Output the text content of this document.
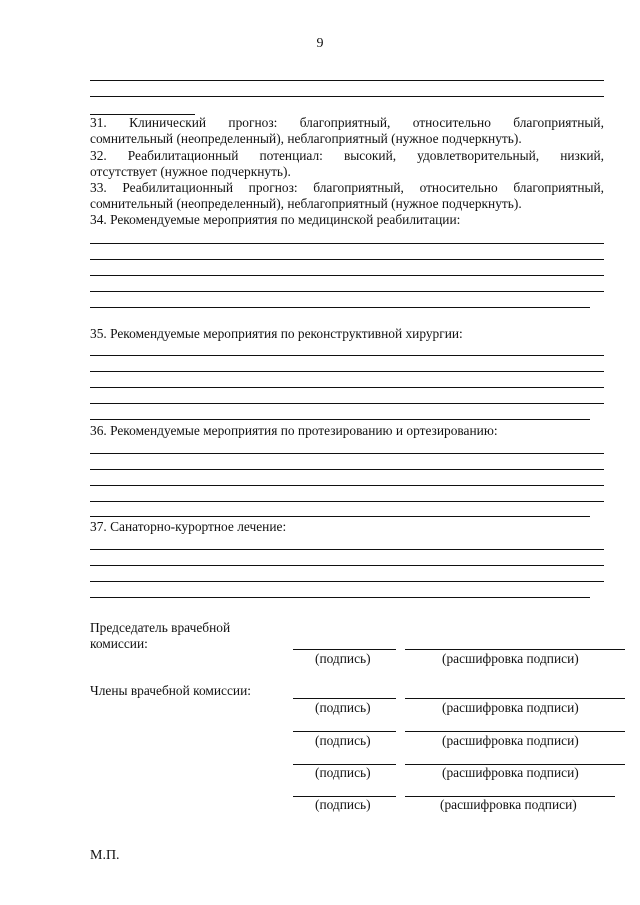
9
31. Клинический прогноз: благоприятный, относительно благоприятный,
сомнительный (неопределенный), неблагоприятный (нужное подчеркнуть).
32. Реабилитационный потенциал: высокий, удовлетворительный, низкий,
отсутствует (нужное подчеркнуть).
33. Реабилитационный прогноз: благоприятный, относительно благоприятный,
сомнительный (неопределенный), неблагоприятный (нужное подчеркнуть).
34. Рекомендуемые мероприятия по медицинской реабилитации:
35. Рекомендуемые мероприятия по реконструктивной хирургии:
36. Рекомендуемые мероприятия по протезированию и ортезированию:
37. Санаторно-курортное лечение:
Председатель врачебной
комиссии:
(подпись)	(расшифровка подписи)
Члены врачебной комиссии:
(подпись)	(расшифровка подписи)
(подпись)	(расшифровка подписи)
(подпись)	(расшифровка подписи)
(подпись)	(расшифровка подписи)
М.П.
